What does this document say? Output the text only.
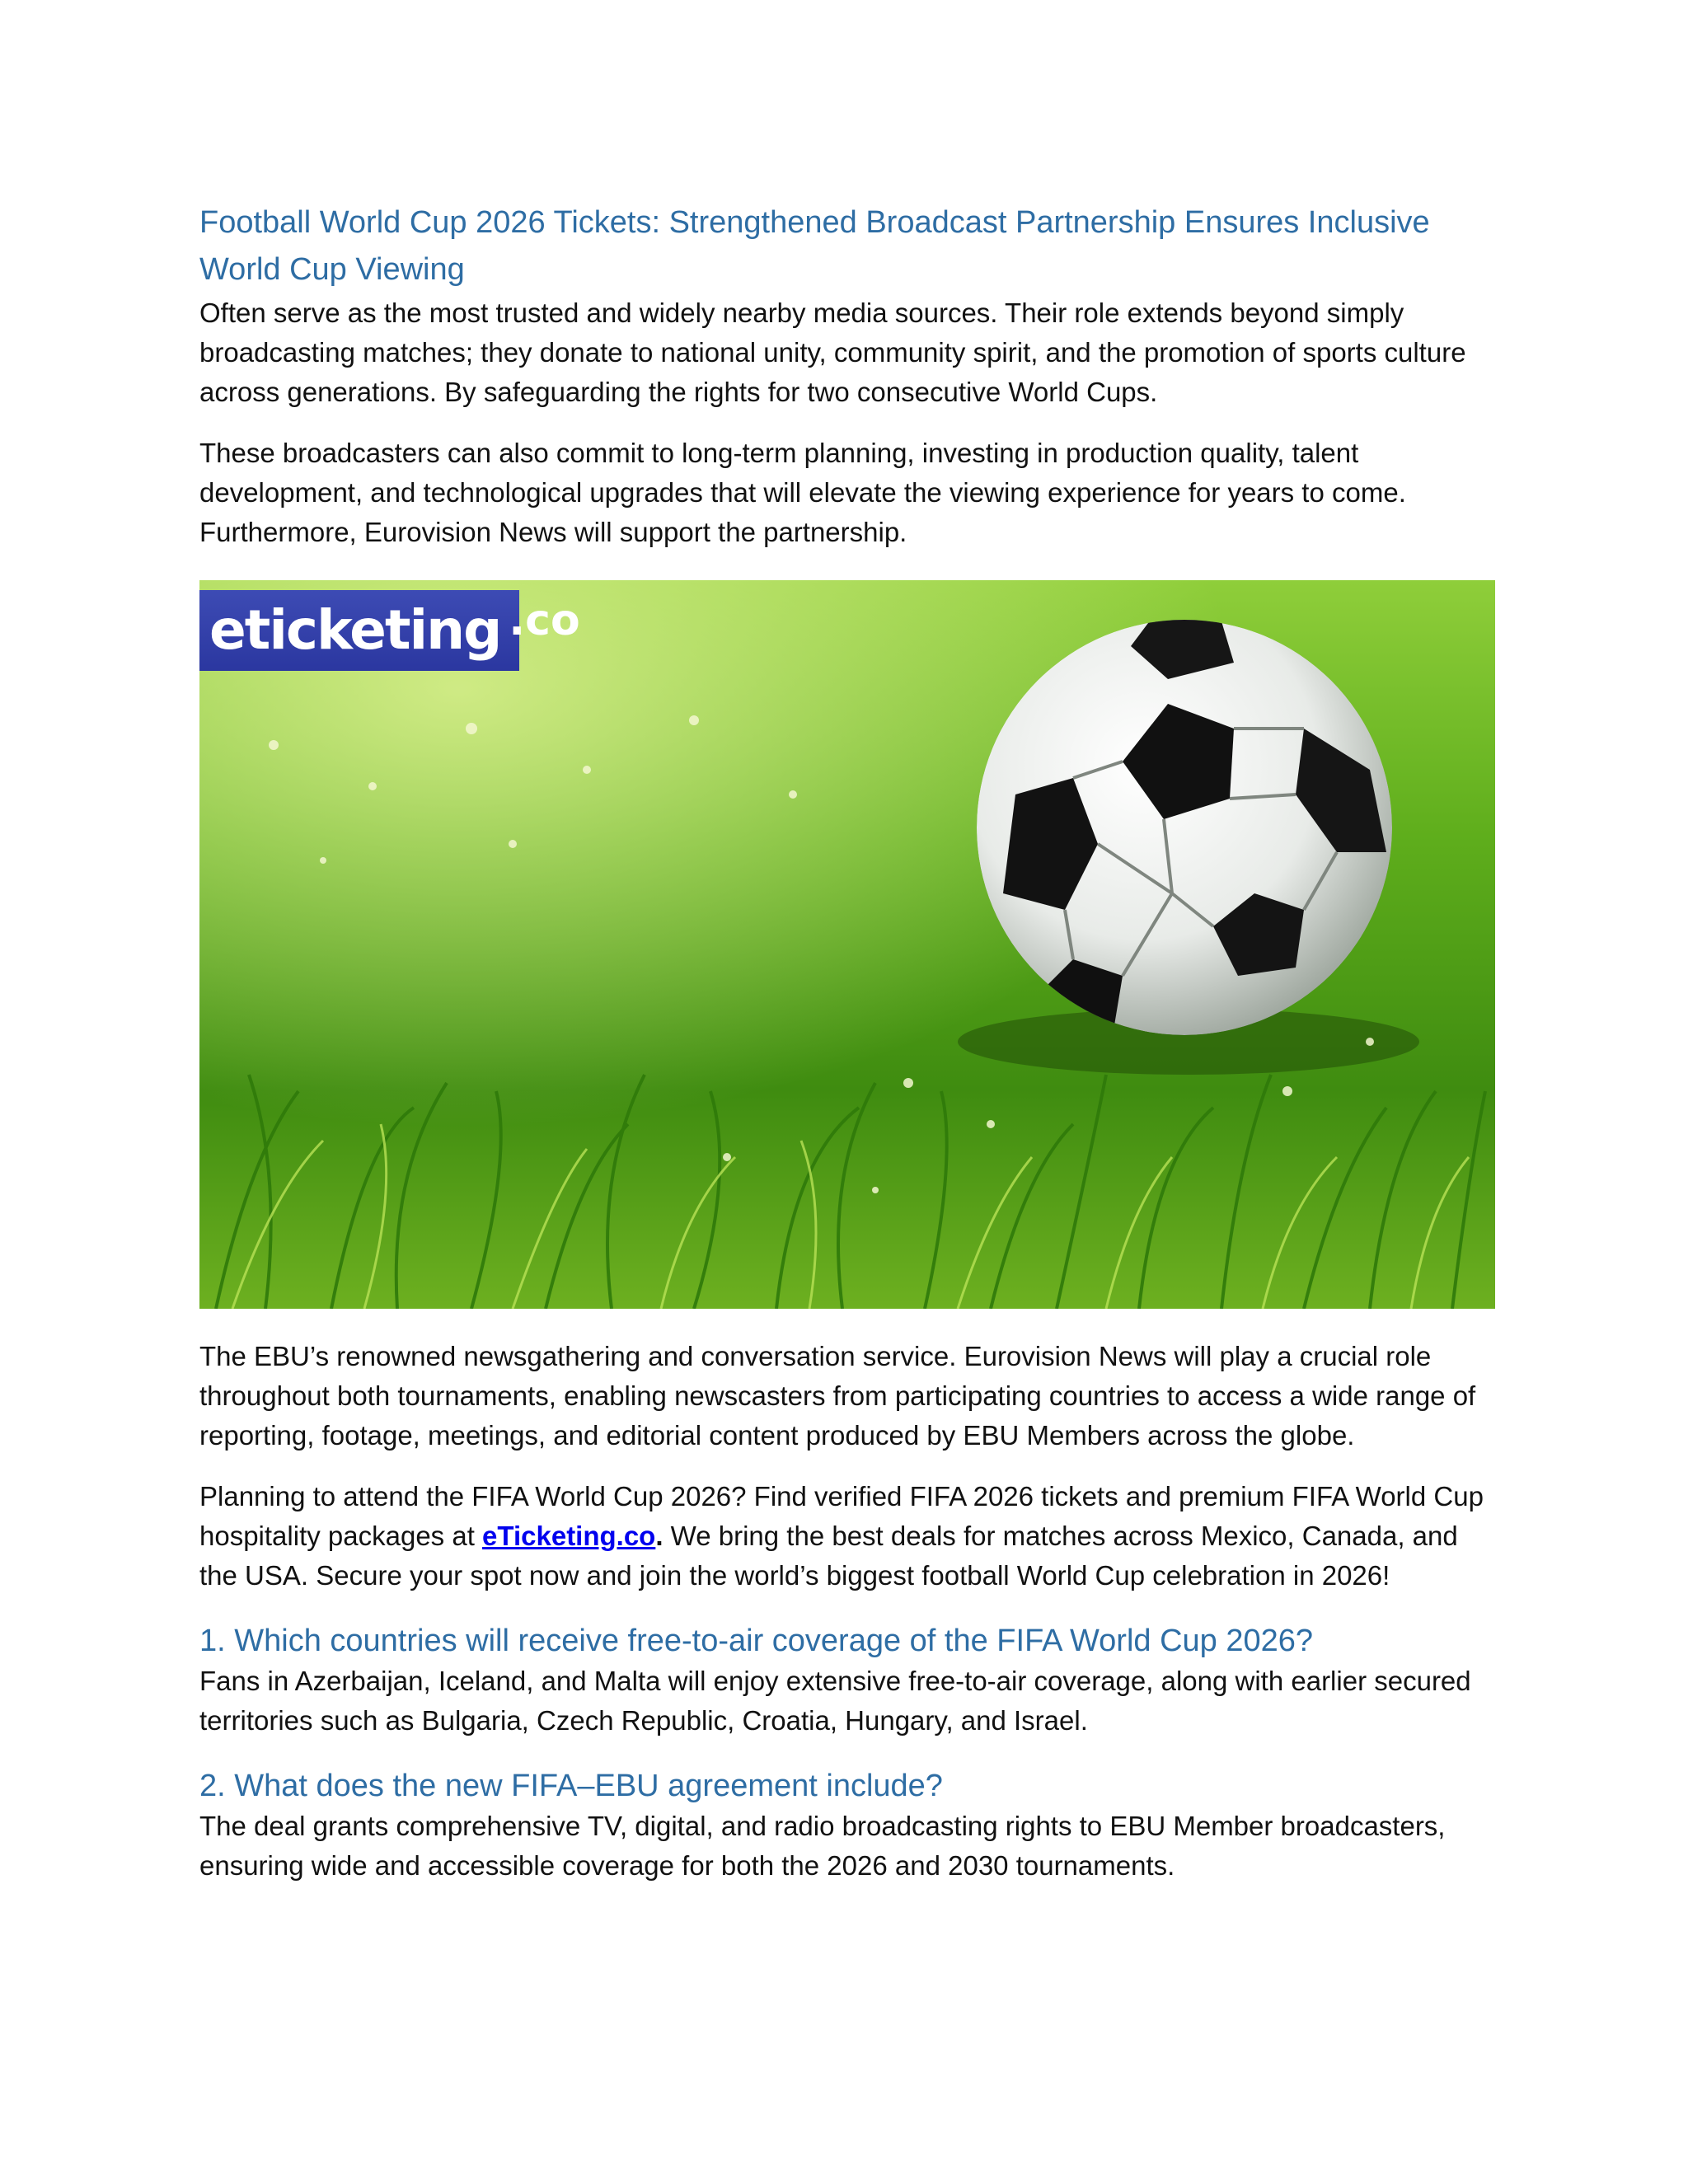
Football World Cup 2026 Tickets: Strengthened Broadcast Partnership Ensures Inclusive World Cup Viewing

Often serve as the most trusted and widely nearby media sources. Their role extends beyond simply broadcasting matches; they donate to national unity, community spirit, and the promotion of sports culture across generations. By safeguarding the rights for two consecutive World Cups.

These broadcasters can also commit to long-term planning, investing in production quality, talent development, and technological upgrades that will elevate the viewing experience for years to come. Furthermore, Eurovision News will support the partnership.

eticketing .co

The EBU’s renowned newsgathering and conversation service. Eurovision News will play a crucial role throughout both tournaments, enabling newscasters from participating countries to access a wide range of reporting, footage, meetings, and editorial content produced by EBU Members across the globe.

Planning to attend the FIFA World Cup 2026? Find verified FIFA 2026 tickets and premium FIFA World Cup hospitality packages at eTicketing.co. We bring the best deals for matches across Mexico, Canada, and the USA. Secure your spot now and join the world’s biggest football World Cup celebration in 2026!

1. Which countries will receive free-to-air coverage of the FIFA World Cup 2026?

Fans in Azerbaijan, Iceland, and Malta will enjoy extensive free-to-air coverage, along with earlier secured territories such as Bulgaria, Czech Republic, Croatia, Hungary, and Israel.

2. What does the new FIFA–EBU agreement include?

The deal grants comprehensive TV, digital, and radio broadcasting rights to EBU Member broadcasters, ensuring wide and accessible coverage for both the 2026 and 2030 tournaments.
